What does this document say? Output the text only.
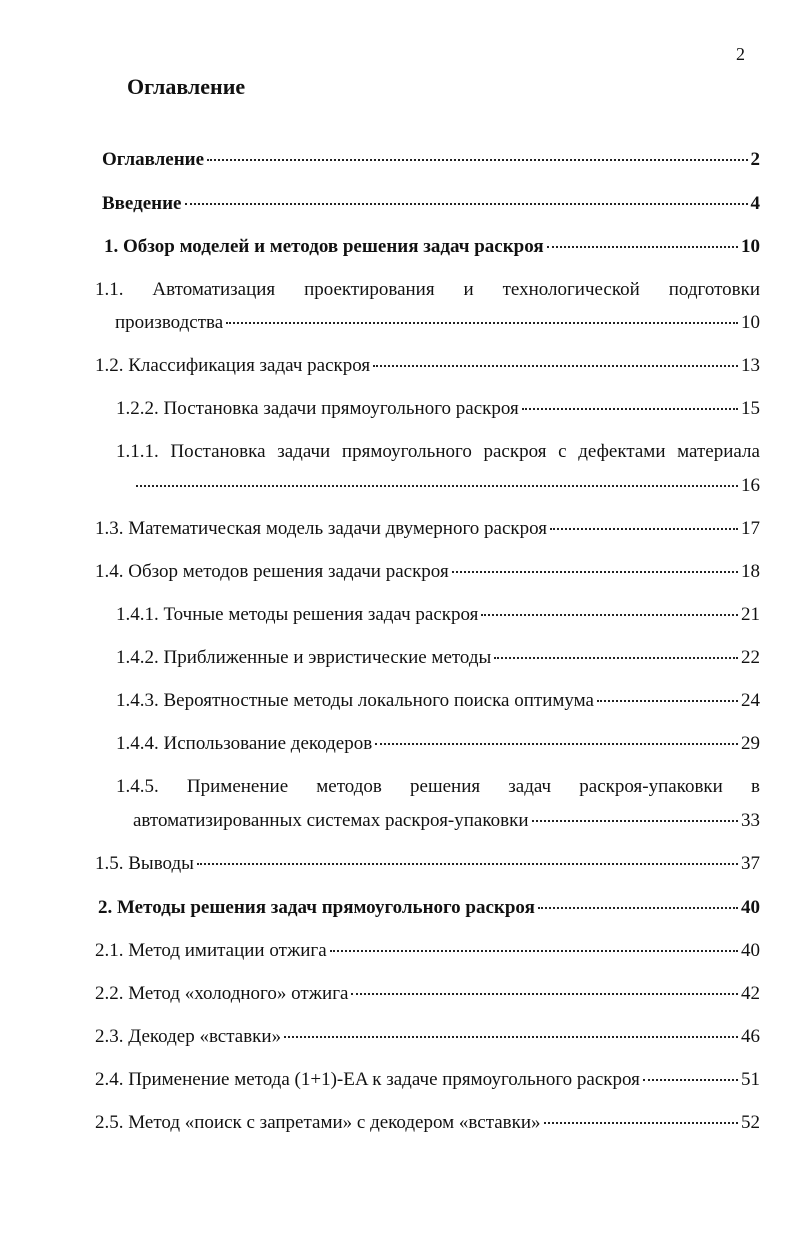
2
Оглавление
Оглавление	2
Введение	4
1. Обзор моделей и методов решения задач раскроя	10
1.1. Автоматизация проектирования и технологической подготовки
производства	10
1.2. Классификация задач раскроя	13
1.2.2. Постановка задачи прямоугольного раскроя	15
1.1.1. Постановка задачи прямоугольного раскроя с дефектами материала
16
1.3. Математическая модель задачи двумерного раскроя	17
1.4. Обзор методов решения задачи раскроя	18
1.4.1. Точные методы решения задач раскроя	21
1.4.2. Приближенные и эвристические методы	22
1.4.3. Вероятностные методы локального поиска оптимума	24
1.4.4. Использование декодеров	29
1.4.5. Применение методов решения задач раскроя-упаковки в
автоматизированных системах раскроя-упаковки	33
1.5. Выводы	37
2. Методы решения задач прямоугольного раскроя	40
2.1. Метод имитации отжига	40
2.2. Метод «холодного» отжига	42
2.3. Декодер «вставки»	46
2.4. Применение метода (1+1)-EA к задаче прямоугольного раскроя	51
2.5. Метод «поиск с запретами» с декодером «вставки»	52
